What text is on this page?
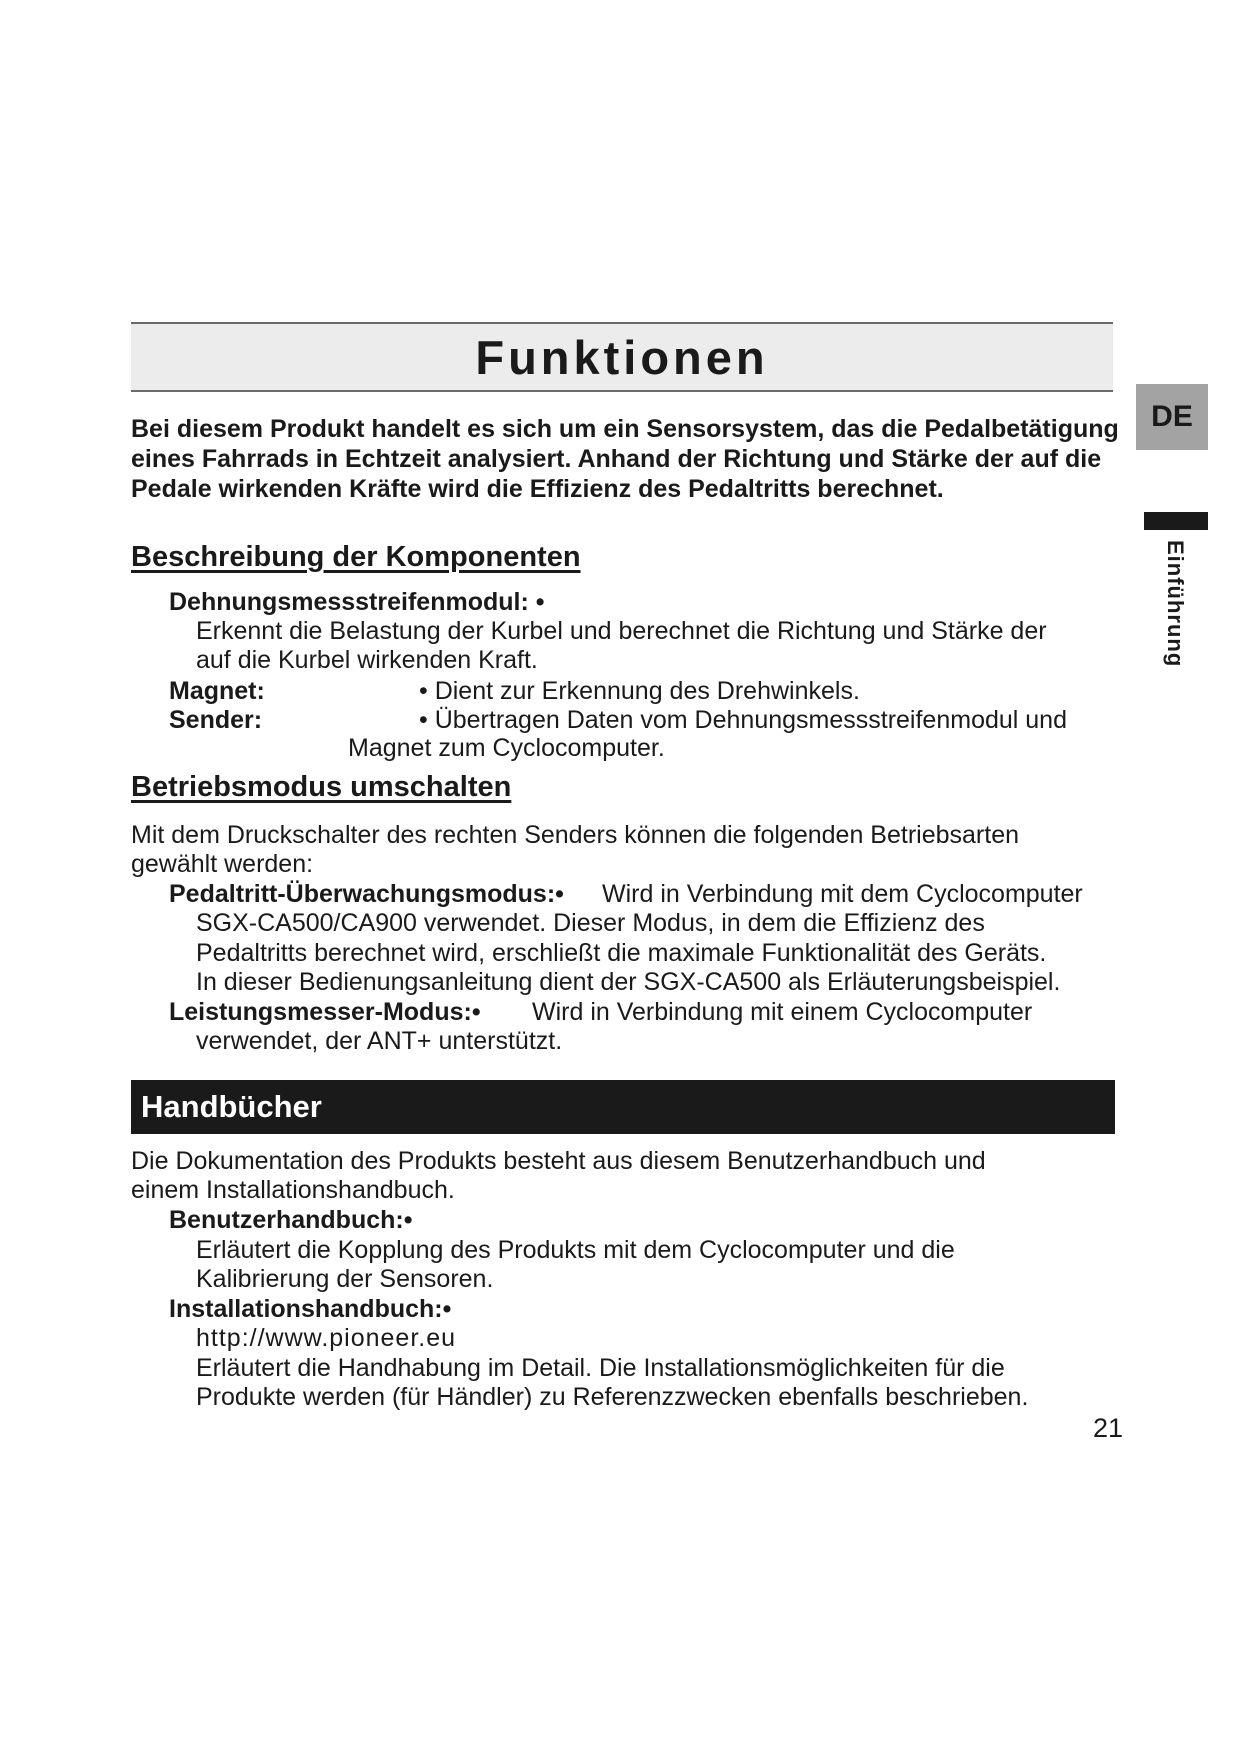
Funktionen
DE
Einführung
Bei diesem Produkt handelt es sich um ein Sensorsystem, das die Pedalbetätigung eines Fahrrads in Echtzeit analysiert. Anhand der Richtung und Stärke der auf die Pedale wirkenden Kräfte wird die Effizienz des Pedaltritts berechnet.
Beschreibung der Komponenten
Dehnungsmessstreifenmodul: •
Erkennt die Belastung der Kurbel und berechnet die Richtung und Stärke der
auf die Kurbel wirkenden Kraft.
Magnet:	• Dient zur Erkennung des Drehwinkels.
Sender:	• Übertragen Daten vom Dehnungsmessstreifenmodul und
Magnet zum Cyclocomputer.
Betriebsmodus umschalten
Mit dem Druckschalter des rechten Senders können die folgenden Betriebsarten
gewählt werden:
Pedaltritt-Überwachungsmodus:• Wird in Verbindung mit dem Cyclocomputer
SGX-CA500/CA900 verwendet. Dieser Modus, in dem die Effizienz des
Pedaltritts berechnet wird, erschließt die maximale Funktionalität des Geräts.
In dieser Bedienungsanleitung dient der SGX-CA500 als Erläuterungsbeispiel.
Leistungsmesser-Modus:• Wird in Verbindung mit einem Cyclocomputer
verwendet, der ANT+ unterstützt.
Handbücher
Die Dokumentation des Produkts besteht aus diesem Benutzerhandbuch und
einem Installationshandbuch.
Benutzerhandbuch:•
Erläutert die Kopplung des Produkts mit dem Cyclocomputer und die
Kalibrierung der Sensoren.
Installationshandbuch:•
http://www.pioneer.eu
Erläutert die Handhabung im Detail. Die Installationsmöglichkeiten für die
Produkte werden (für Händler) zu Referenzzwecken ebenfalls beschrieben.
21
